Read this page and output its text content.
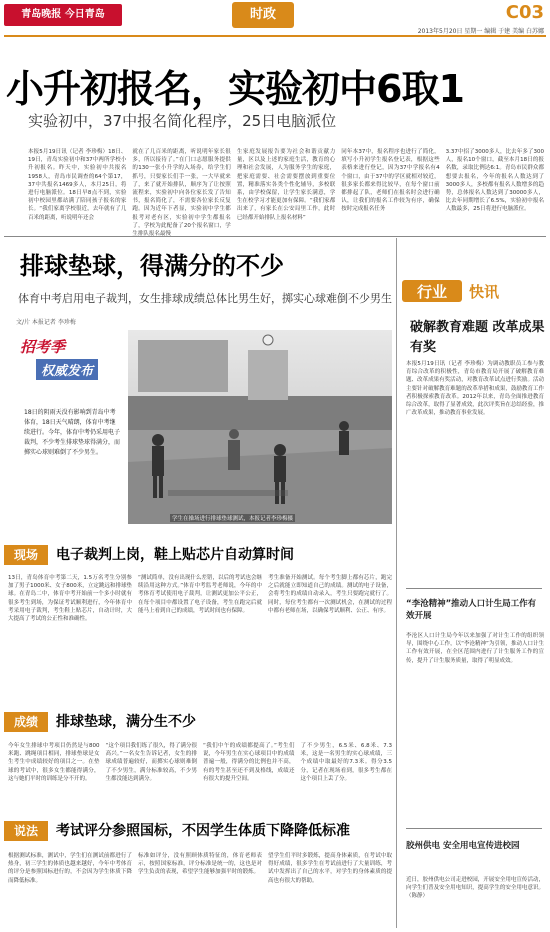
青岛晚报 今日青岛	时政	C03
2013年5月20日 星期一 编辑 于建 美编 白苏娜
小升初报名，实验初中6取1
实验初中，37中报名简化程序，25日电脑派位
本报5月19日讯（记者 李珍梅）18日、19日，青岛实验初中和37中两所学校小升初报名。昨天中，实验初中共报名1958人，青岛市民调查的64个第17，37中共报名1469多人，本月25日，将进行电脑派位。18日早8点不到，实验初中校园里都站满了陪同孩子报名的家长。“我们家离学校很近，去年就有了几百米的距离，听说明年还会
就在了几百米的距离，听说明年家长很多，所以接待了。”在门口志愿服务提供的130一张小升学的入场券，给学生们抓号，只要家长们手一张，一大早就来了，来了就开始排队，顺序为了让按照流程来，实验初中向各位家长发了告知书，报名简化了，不需要各位家长反复跑。因为近年下者显，实验初中学生都报考对老有区，实验初中学生都报名了，学校为此配备了20个报名窗口，学生排队报名最慢
生家庭发展报告要为社会和谐贡献力量，区以及上述的家庭生活，教育的心理和社会发展，人为服务学生的家庭，把家庭需要、社会需要摆放到重要位置，精准落实各类个性化辅导，多校联系，由学校保留，让学生家长满意，学生在校学习才能更加有保障。“我们家都出来了，有家长在公安局里工作，此时已经都开始排队上报名材料”
同年本37中，报名程序也进行了简化，填写小升初学生报名登记表，根据这些表格来进行登记，因为37中学报名有4个窗口，由于37中的学区就相对较近，很多家长都来得比较早，在每个窗口前都排起了队，老师们在报名时会进行确认，让我们的报名工作较为有序，确保按时完成报名任务
3.37中招了3000多人，比去年多了300人，报名10个窗口，截至本月18日的报名数，录取比例达6:1。青岛市民群众都想要去报名，今年的报名人数达到了3000多人，多校都有报名人数增多的趋势，总体报名人数达到了30000多人，比去年同期增长了6.5%，实验初中报名人数最多，25日将进行电脑派位。
排球垫球，得满分的不少
体育中考启用电子裁判，女生排球成绩总体比男生好，掷实心球难倒不少男生
文/片 本报记者 李珍梅
招考季
权威发布
18日的阴雨天没有影响到青岛中考体育，18日天气晴朗，体育中考继续进行。今年，体育中考仍采用电子裁判，不少考生排球垫球得满分，而掷实心球则难倒了不少男生。
学生在操场进行排球垫球测试，本报记者李珍梅摄
现场	电子裁判上岗，鞋上贴芯片自动算时间
13日，青岛体育中考第二天，1.5万名考生分别参加了男子1000米、女子800米，立定跳远和排球垫球。在青岛二中，体育中考开始前一个多小时就有很多考生到场，为保证考试顺利进行，今年体育中考采用电子裁判，考生鞋上贴芯片，自动计时，大大提高了考试的公正性和准确性。
“测试简单，没有出现什么差错，以后的考试也会继续沿用这种方式。”体育中考监考老师说，今年的中考体育考试使用电子裁判，让测试更加公平公正，在每个项目中都设置了电子设备，考生在跑完后就能马上看到自己的成绩，考试时间也有保障。
考生准备开始测试。每个考生脚上都有芯片，跑完之后就能立即知道自己的成绩。测试的电子设备，会将考生的成绩自动录入，考生只要跑完就行了。同时，每位考生都有一次测试机会，在测试的过程中都有老师在场，以确保考试顺利、公正、有序。
成绩	排球垫球，满分生不少
今年女生排球中考项目仍然是与800米跑、跳绳项目相同，排球垫球是女生考生中成绩较好的项目之一。在垫球的考试中，很多女生都能得满分，这与她们平时的训练是分不开的。
“这个项目我们练了很久，得了满分很高兴。”一名女生告诉记者，女生的排球成绩普遍较好，而掷实心球则难倒了不少男生，满分标准较高，不少男生都没能达到满分。
“我们中午的成绩都提高了。”考生们说，今年男生在实心球项目中的成绩普遍一般，得满分的比例也并不高，有的考生甚至还不到及格线，成绩还有很大的提升空间。
了不少男生，6.5米、6.8米、7.3米，这是一名男生的实心球成绩，三个成绩中取最好的7.3米。得分3.5分，记者在现场看到，很多考生都在这个项目上丢了分。
说法	考试评分参照国标，不因学生体质下降降低标准
根据测试标准，测试中，学生们在测试前都进行了热身，初三学生的体质也越来越好，今年中考体育的评分是参照国标进行的，不会因为学生体质下降而降低标准。
标准如评分，没有照顾体质特征的，体育老师表示，按照国家标准，评分标准是统一的，这也是对学生负责的表现，希望学生能够加强平时的锻炼。
望学生们平时多锻炼，提高身体素质，在考试中取得好成绩，很多学生在考试前进行了大量训练，考试中发挥出了自己的水平，对学生的身体素质的提高也有很大的帮助。
行业 快讯
破解教育难题 改革成果有奖
本报5月19日讯（记者 李珍梅）为调动教职员工参与教育综合改革的积极性，青岛市教育局开展了破解教育难题、改革成果有奖活动，对教育改革试点进行奖励。活动主要针对破解教育难题的改革举措和成果，鼓励教育工作者积极探索教育改革。2012年以来，青岛全面推进教育综合改革，取得了显著成效，此次评奖旨在总结经验，推广改革成果，推动教育事业发展。
“李沧精神”推动人口计生局工作有效开展
李沧区人口计生局今年以来加强了对计生工作的组织领导，围绕中心工作，以“李沧精神”为引领，推动人口计生工作有效开展，在全区范围内进行了计生服务工作的宣传，提升了计生服务质量，取得了明显成效。
胶州供电 安全用电宣传进校园
近日，胶州供电公司走进校园，开展安全用电宣传活动，向学生们普及安全用电知识，提高学生的安全用电意识。（陈静）
